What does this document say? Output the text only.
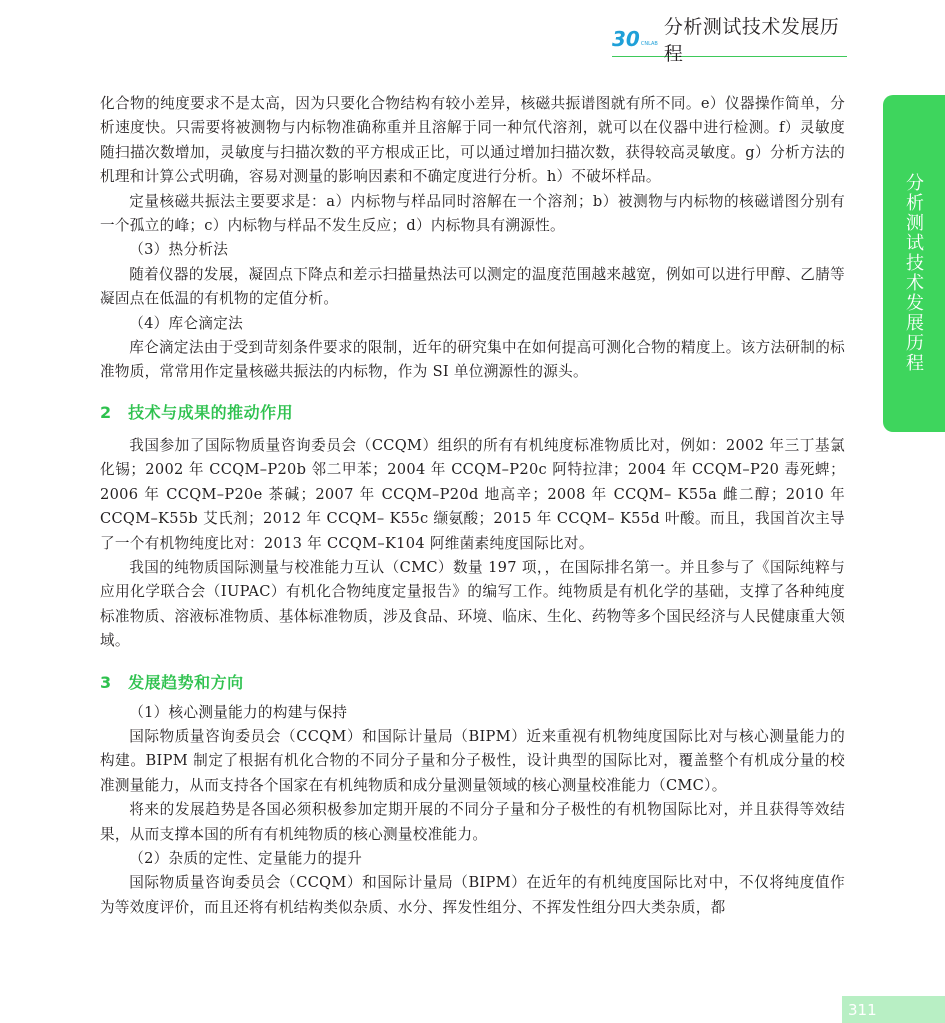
30 CNLAB
分析测试技术发展历程
分析测试技术发展历程

化合物的纯度要求不是太高，因为只要化合物结构有较小差异，核磁共振谱图就有所不同。e）仪器操作简单，分析速度快。只需要将被测物与内标物准确称重并且溶解于同一种氘代溶剂，就可以在仪器中进行检测。f）灵敏度随扫描次数增加，灵敏度与扫描次数的平方根成正比，可以通过增加扫描次数，获得较高灵敏度。g）分析方法的机理和计算公式明确，容易对测量的影响因素和不确定度进行分析。h）不破坏样品。

定量核磁共振法主要要求是：a）内标物与样品同时溶解在一个溶剂；b）被测物与内标物的核磁谱图分别有一个孤立的峰；c）内标物与样品不发生反应；d）内标物具有溯源性。

（3）热分析法

随着仪器的发展，凝固点下降点和差示扫描量热法可以测定的温度范围越来越宽，例如可以进行甲醇、乙腈等凝固点在低温的有机物的定值分析。

（4）库仑滴定法

库仑滴定法由于受到苛刻条件要求的限制，近年的研究集中在如何提高可测化合物的精度上。该方法研制的标准物质，常常用作定量核磁共振法的内标物，作为 SI 单位溯源性的源头。

2　技术与成果的推动作用

我国参加了国际物质量咨询委员会（CCQM）组织的所有有机纯度标准物质比对，例如：2002 年三丁基氯化锡；2002 年 CCQM–P20b 邻二甲苯；2004 年 CCQM–P20c 阿特拉津；2004 年 CCQM–P20 毒死蜱；2006 年 CCQM–P20e 茶碱；2007 年 CCQM–P20d 地高辛；2008 年 CCQM– K55a 雌二醇；2010 年 CCQM–K55b 艾氏剂；2012 年 CCQM– K55c 缬氨酸；2015 年 CCQM– K55d 叶酸。而且，我国首次主导了一个有机物纯度比对：2013 年 CCQM–K104 阿维菌素纯度国际比对。

我国的纯物质国际测量与校准能力互认（CMC）数量 197 项，，在国际排名第一。并且参与了《国际纯粹与应用化学联合会（IUPAC）有机化合物纯度定量报告》的编写工作。纯物质是有机化学的基础，支撑了各种纯度标准物质、溶液标准物质、基体标准物质，涉及食品、环境、临床、生化、药物等多个国民经济与人民健康重大领域。

3　发展趋势和方向

（1）核心测量能力的构建与保持

国际物质量咨询委员会（CCQM）和国际计量局（BIPM）近来重视有机物纯度国际比对与核心测量能力的构建。BIPM 制定了根据有机化合物的不同分子量和分子极性，设计典型的国际比对，覆盖整个有机成分量的校准测量能力，从而支持各个国家在有机纯物质和成分量测量领域的核心测量校准能力（CMC）。

将来的发展趋势是各国必须积极参加定期开展的不同分子量和分子极性的有机物国际比对，并且获得等效结果，从而支撑本国的所有有机纯物质的核心测量校准能力。

（2）杂质的定性、定量能力的提升

国际物质量咨询委员会（CCQM）和国际计量局（BIPM）在近年的有机纯度国际比对中，不仅将纯度值作为等效度评价，而且还将有机结构类似杂质、水分、挥发性组分、不挥发性组分四大类杂质，都

311
